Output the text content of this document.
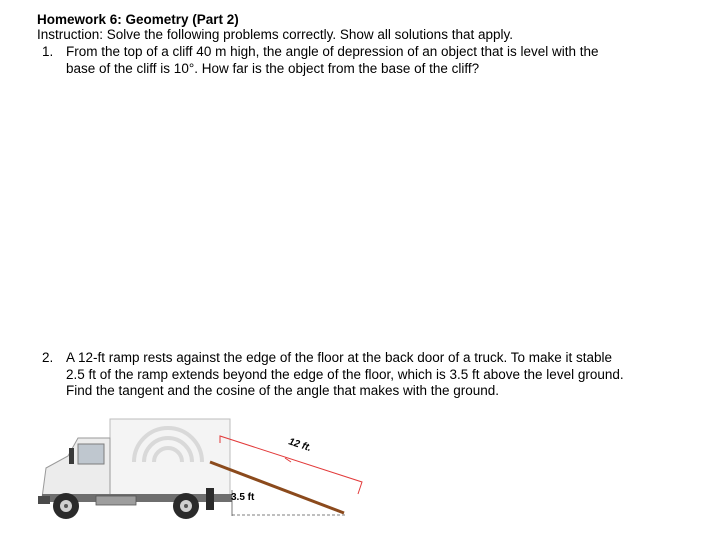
Homework 6: Geometry (Part 2)
Instruction: Solve the following problems correctly. Show all solutions that apply.
1. From the top of a cliff 40 m high, the angle of depression of an object that is level with the
base of the cliff is 10°. How far is the object from the base of the cliff?
2. A 12-ft ramp rests against the edge of the floor at the back door of a truck. To make it stable
2.5 ft of the ramp extends beyond the edge of the floor, which is 3.5 ft above the level ground.
Find the tangent and the cosine of the angle that makes with the ground.
12 ft.
3.5 ft
